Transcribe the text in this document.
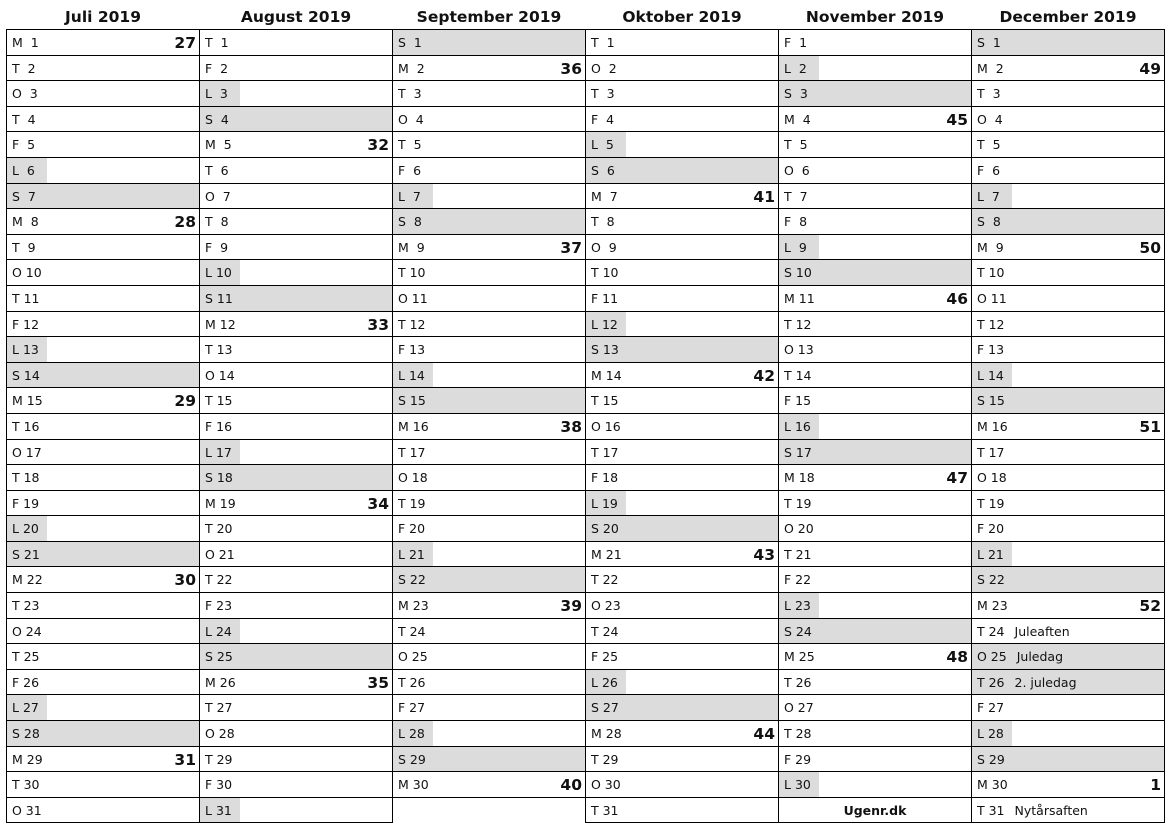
Juli 2019
M  1	27
T  2
O  3
T  4
F  5
L  6
S  7
M  8	28
T  9
O 10
T 11
F 12
L 13
S 14
M 15	29
T 16
O 17
T 18
F 19
L 20
S 21
M 22	30
T 23
O 24
T 25
F 26
L 27
S 28
M 29	31
T 30
O 31
August 2019
T  1
F  2
L  3
S  4
M  5	32
T  6
O  7
T  8
F  9
L 10
S 11
M 12	33
T 13
O 14
T 15
F 16
L 17
S 18
M 19	34
T 20
O 21
T 22
F 23
L 24
S 25
M 26	35
T 27
O 28
T 29
F 30
L 31
September 2019
S  1
M  2	36
T  3
O  4
T  5
F  6
L  7
S  8
M  9	37
T 10
O 11
T 12
F 13
L 14
S 15
M 16	38
T 17
O 18
T 19
F 20
L 21
S 22
M 23	39
T 24
O 25
T 26
F 27
L 28
S 29
M 30	40
Oktober 2019
T  1
O  2
T  3
F  4
L  5
S  6
M  7	41
T  8
O  9
T 10
F 11
L 12
S 13
M 14	42
T 15
O 16
T 17
F 18
L 19
S 20
M 21	43
T 22
O 23
T 24
F 25
L 26
S 27
M 28	44
T 29
O 30
T 31
November 2019
F  1
L  2
S  3
M  4	45
T  5
O  6
T  7
F  8
L  9
S 10
M 11	46
T 12
O 13
T 14
F 15
L 16
S 17
M 18	47
T 19
O 20
T 21
F 22
L 23
S 24
M 25	48
T 26
O 27
T 28
F 29
L 30
Ugenr.dk
December 2019
S  1
M  2	49
T  3
O  4
T  5
F  6
L  7
S  8
M  9	50
T 10
O 11
T 12
F 13
L 14
S 15
M 16	51
T 17
O 18
T 19
F 20
L 21
S 22
M 23	52
T 24 Juleaften
O 25 Juledag
T 26 2. juledag
F 27
L 28
S 29
M 30	1
T 31 Nytårsaften
